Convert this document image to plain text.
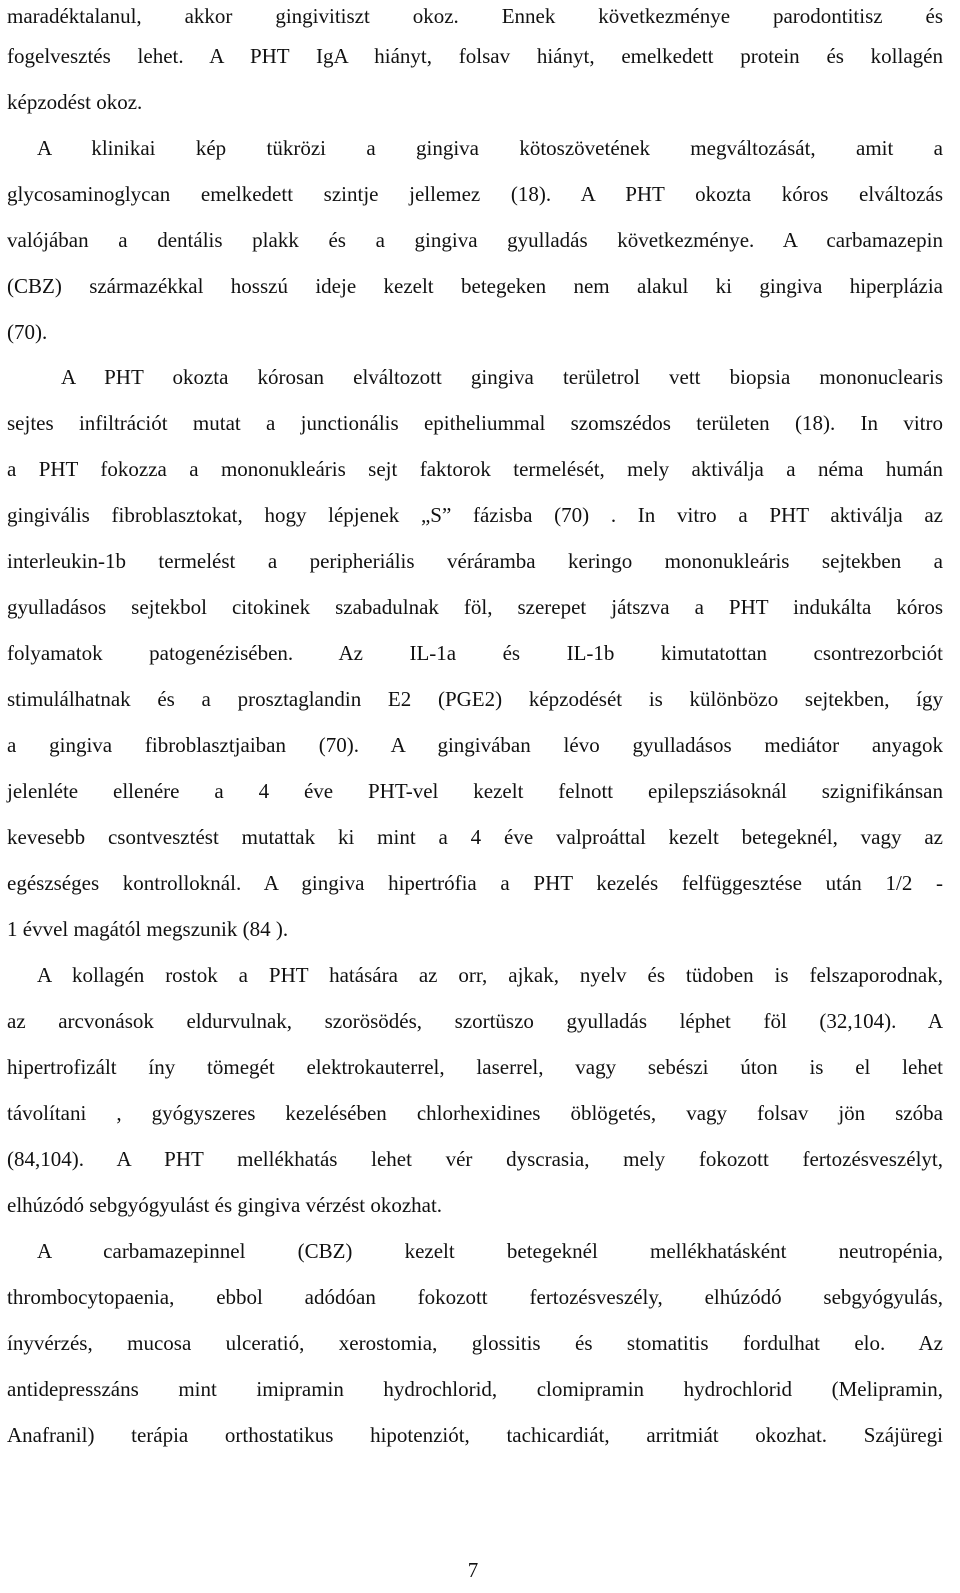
maradéktalanul, akkor gingivitiszt okoz. Ennek következménye parodontitisz és
fogelvesztés lehet. A PHT IgA hiányt, folsav hiányt, emelkedett protein és kollagén
képzodést okoz.
A klinikai kép tükrözi a gingiva kötoszövetének megváltozását, amit a
glycosaminoglycan emelkedett szintje jellemez (18). A PHT okozta kóros elváltozás
valójában a dentális plakk és a gingiva gyulladás következménye. A carbamazepin
(CBZ) származékkal hosszú ideje kezelt betegeken nem alakul ki gingiva hiperplázia
(70).
A PHT okozta kórosan elváltozott gingiva területrol vett biopsia mononuclearis
sejtes infiltrációt mutat a junctionális epitheliummal szomszédos területen (18). In vitro
a PHT fokozza a mononukleáris sejt faktorok termelését, mely aktiválja a néma humán
gingivális fibroblasztokat, hogy lépjenek „S” fázisba (70) . In vitro a PHT aktiválja az
interleukin-1b termelést a peripheriális véráramba keringo mononukleáris sejtekben a
gyulladásos sejtekbol citokinek szabadulnak föl, szerepet játszva a PHT indukálta kóros
folyamatok patogenézisében. Az IL-1a és IL-1b kimutatottan csontrezorbciót
stimulálhatnak és a prosztaglandin E2 (PGE2) képzodését is különbözo sejtekben, így
a gingiva fibroblasztjaiban (70). A gingivában lévo gyulladásos mediátor anyagok
jelenléte ellenére a 4 éve PHT-vel kezelt felnott epilepsziásoknál szignifikánsan
kevesebb csontvesztést mutattak ki mint a 4 éve valproáttal kezelt betegeknél, vagy az
egészséges kontrolloknál. A gingiva hipertrófia a PHT kezelés felfüggesztése után 1/2 -
1 évvel magától megszunik (84 ).
A kollagén rostok a PHT hatására az orr, ajkak, nyelv és tüdoben is felszaporodnak,
az arcvonások eldurvulnak, szorösödés, szortüszo gyulladás léphet föl (32,104). A
hipertrofizált íny tömegét elektrokauterrel, laserrel, vagy sebészi úton is el lehet
távolítani , gyógyszeres kezelésében chlorhexidines öblögetés, vagy folsav jön szóba
(84,104). A PHT mellékhatás lehet vér dyscrasia, mely fokozott fertozésveszélyt,
elhúzódó sebgyógyulást és gingiva vérzést okozhat.
A carbamazepinnel (CBZ) kezelt betegeknél mellékhatásként neutropénia,
thrombocytopaenia, ebbol adódóan fokozott fertozésveszély, elhúzódó sebgyógyulás,
ínyvérzés, mucosa ulceratió, xerostomia, glossitis és stomatitis fordulhat elo. Az
antidepresszáns mint imipramin hydrochlorid, clomipramin hydrochlorid (Melipramin,
Anafranil) terápia orthostatikus hipotenziót, tachicardiát, arritmiát okozhat. Szájüregi
7
